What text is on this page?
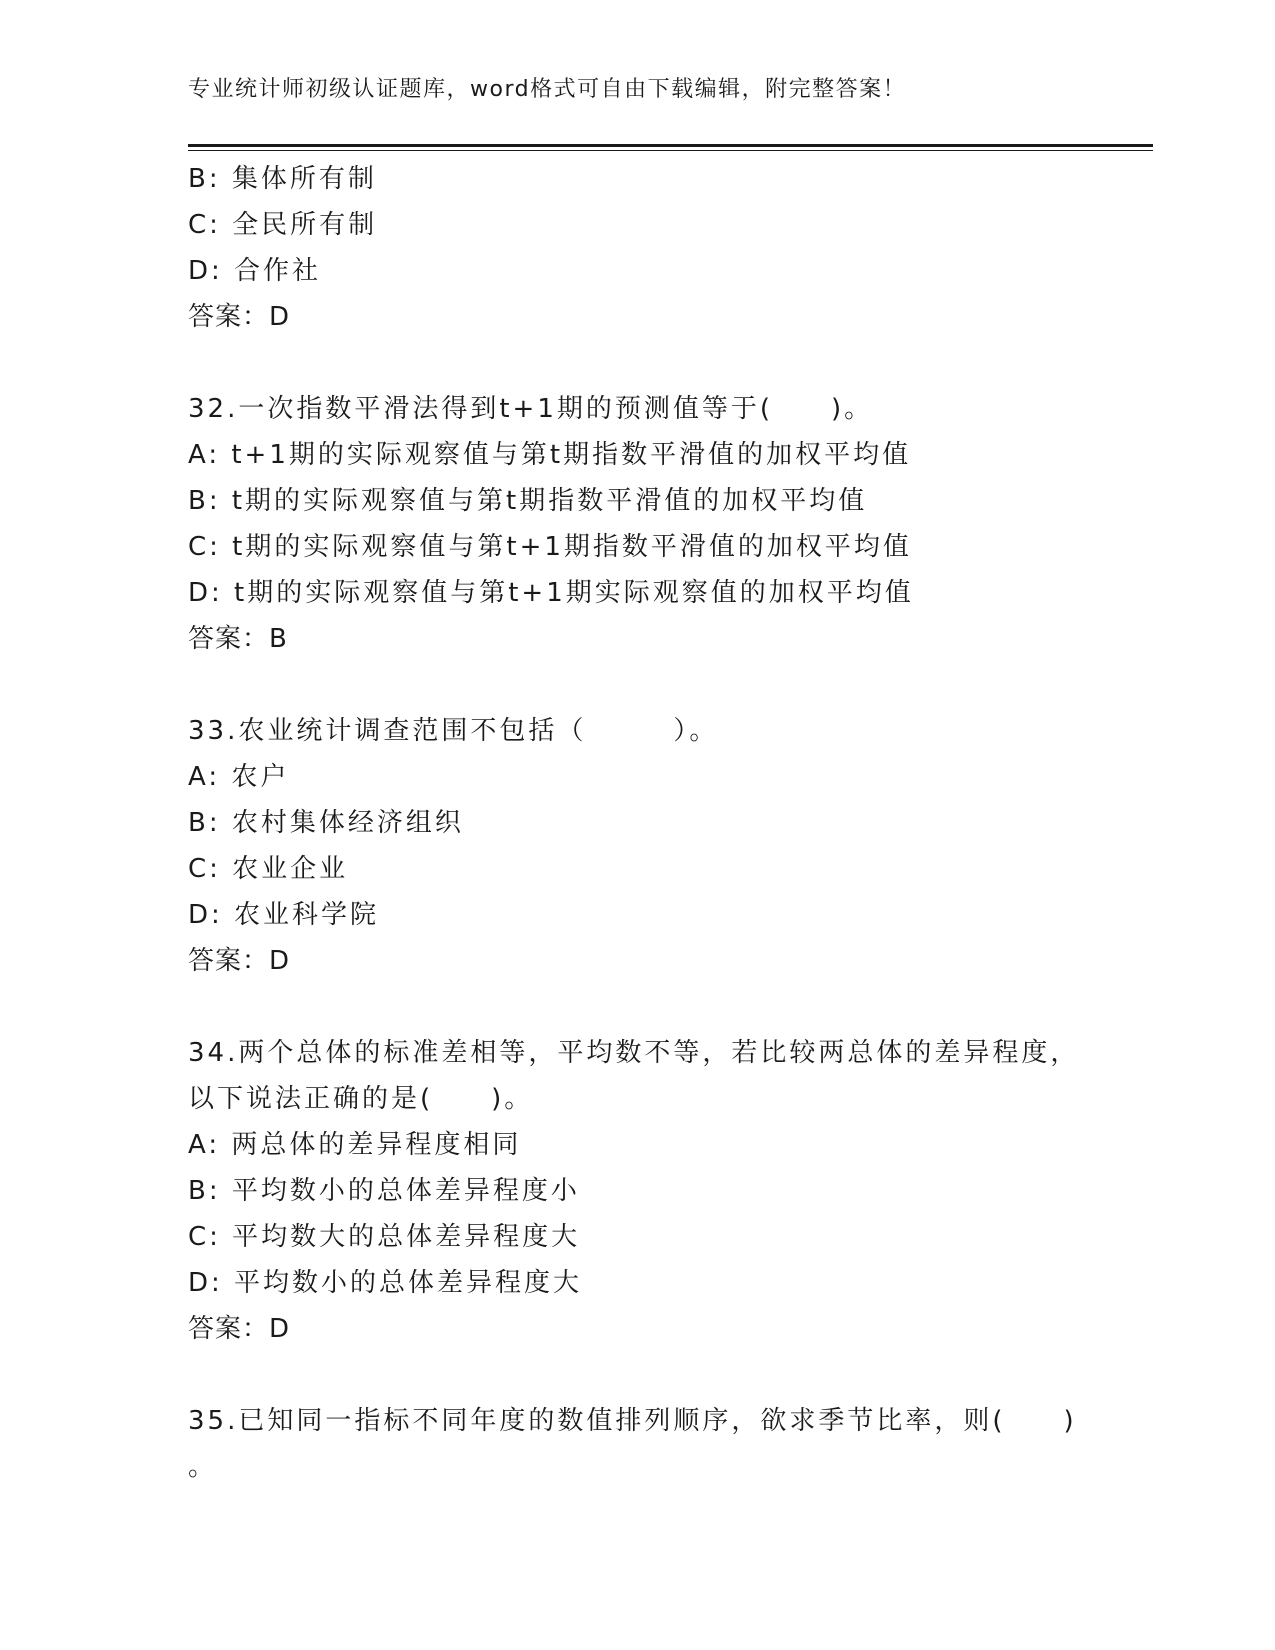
专业统计师初级认证题库，word格式可自由下载编辑，附完整答案！
B: 集体所有制
C: 全民所有制
D: 合作社
答案：D
32.一次指数平滑法得到t+1期的预测值等于(　　)。
A: t+1期的实际观察值与第t期指数平滑值的加权平均值
B: t期的实际观察值与第t期指数平滑值的加权平均值
C: t期的实际观察值与第t+1期指数平滑值的加权平均值
D: t期的实际观察值与第t+1期实际观察值的加权平均值
答案：B
33.农业统计调查范围不包括（　　　）。
A: 农户
B: 农村集体经济组织
C: 农业企业
D: 农业科学院
答案：D
34.两个总体的标准差相等，平均数不等，若比较两总体的差异程度，
以下说法正确的是(　　)。
A: 两总体的差异程度相同
B: 平均数小的总体差异程度小
C: 平均数大的总体差异程度大
D: 平均数小的总体差异程度大
答案：D
35.已知同一指标不同年度的数值排列顺序，欲求季节比率，则(　　)
。
